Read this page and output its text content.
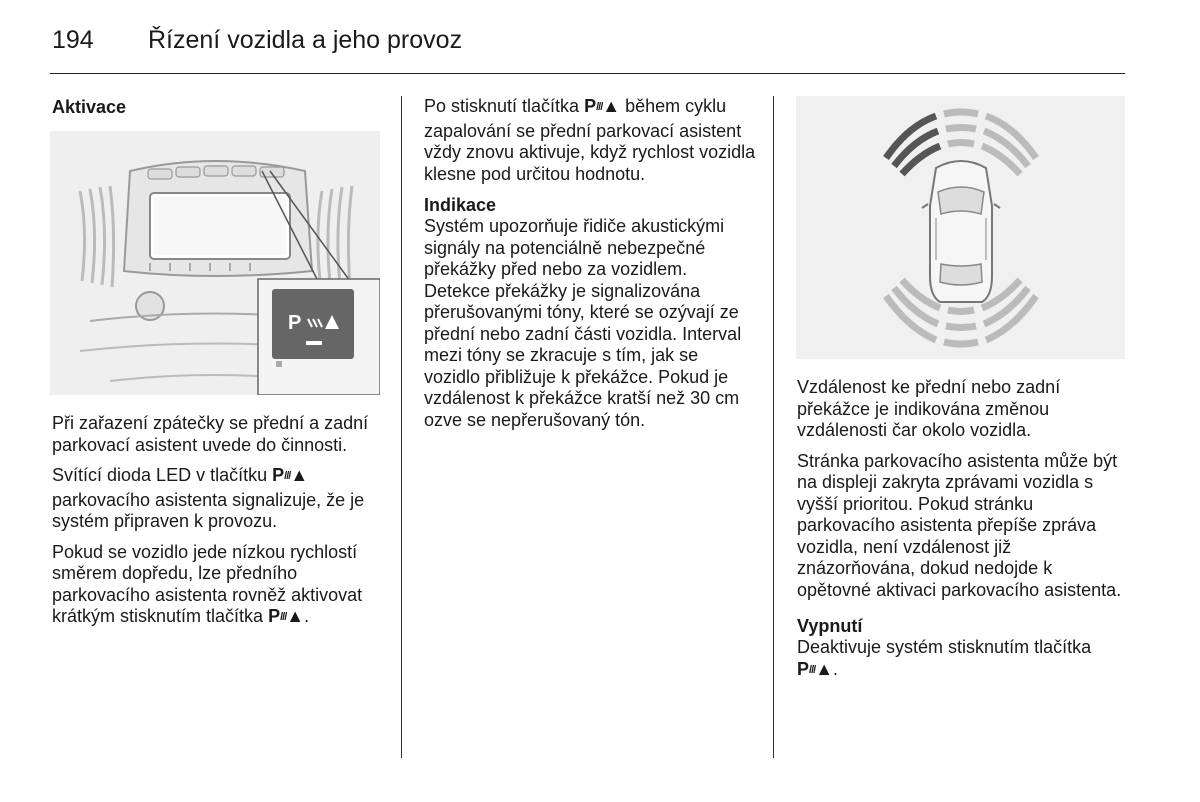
194 Řízení vozidla a jeho provoz
Aktivace
P

Při zařazení zpátečky se přední a zadní parkovací asistent uvede do činnosti.

Svítící dioda LED v tlačítku P///▲ parkovacího asistenta signalizuje, že je systém připraven k provozu.

Pokud se vozidlo jede nízkou rychlostí směrem dopředu, lze předního parkovacího asistenta rovněž aktivovat krátkým stisknutím tlačítka P///▲.

Po stisknutí tlačítka P///▲ během cyklu zapalování se přední parkovací asistent vždy znovu aktivuje, když rychlost vozidla klesne pod určitou hodnotu.

Indikace

Systém upozorňuje řidiče akustickými signály na potenciálně nebezpečné překážky před nebo za vozidlem. Detekce překážky je signalizována přerušovanými tóny, které se ozývají ze přední nebo zadní části vozidla. Interval mezi tóny se zkracuje s tím, jak se vozidlo přibližuje k překážce. Pokud je vzdálenost k překážce kratší než 30 cm ozve se nepřerušovaný tón.

Vzdálenost ke přední nebo zadní překážce je indikována změnou vzdálenosti čar okolo vozidla.

Stránka parkovacího asistenta může být na displeji zakryta zprávami vozidla s vyšší prioritou. Pokud stránku parkovacího asistenta přepíše zpráva vozidla, není vzdálenost již znázorňována, dokud nedojde k opětovné aktivaci parkovacího asistenta.

Vypnutí

Deaktivuje systém stisknutím tlačítka P///▲.
